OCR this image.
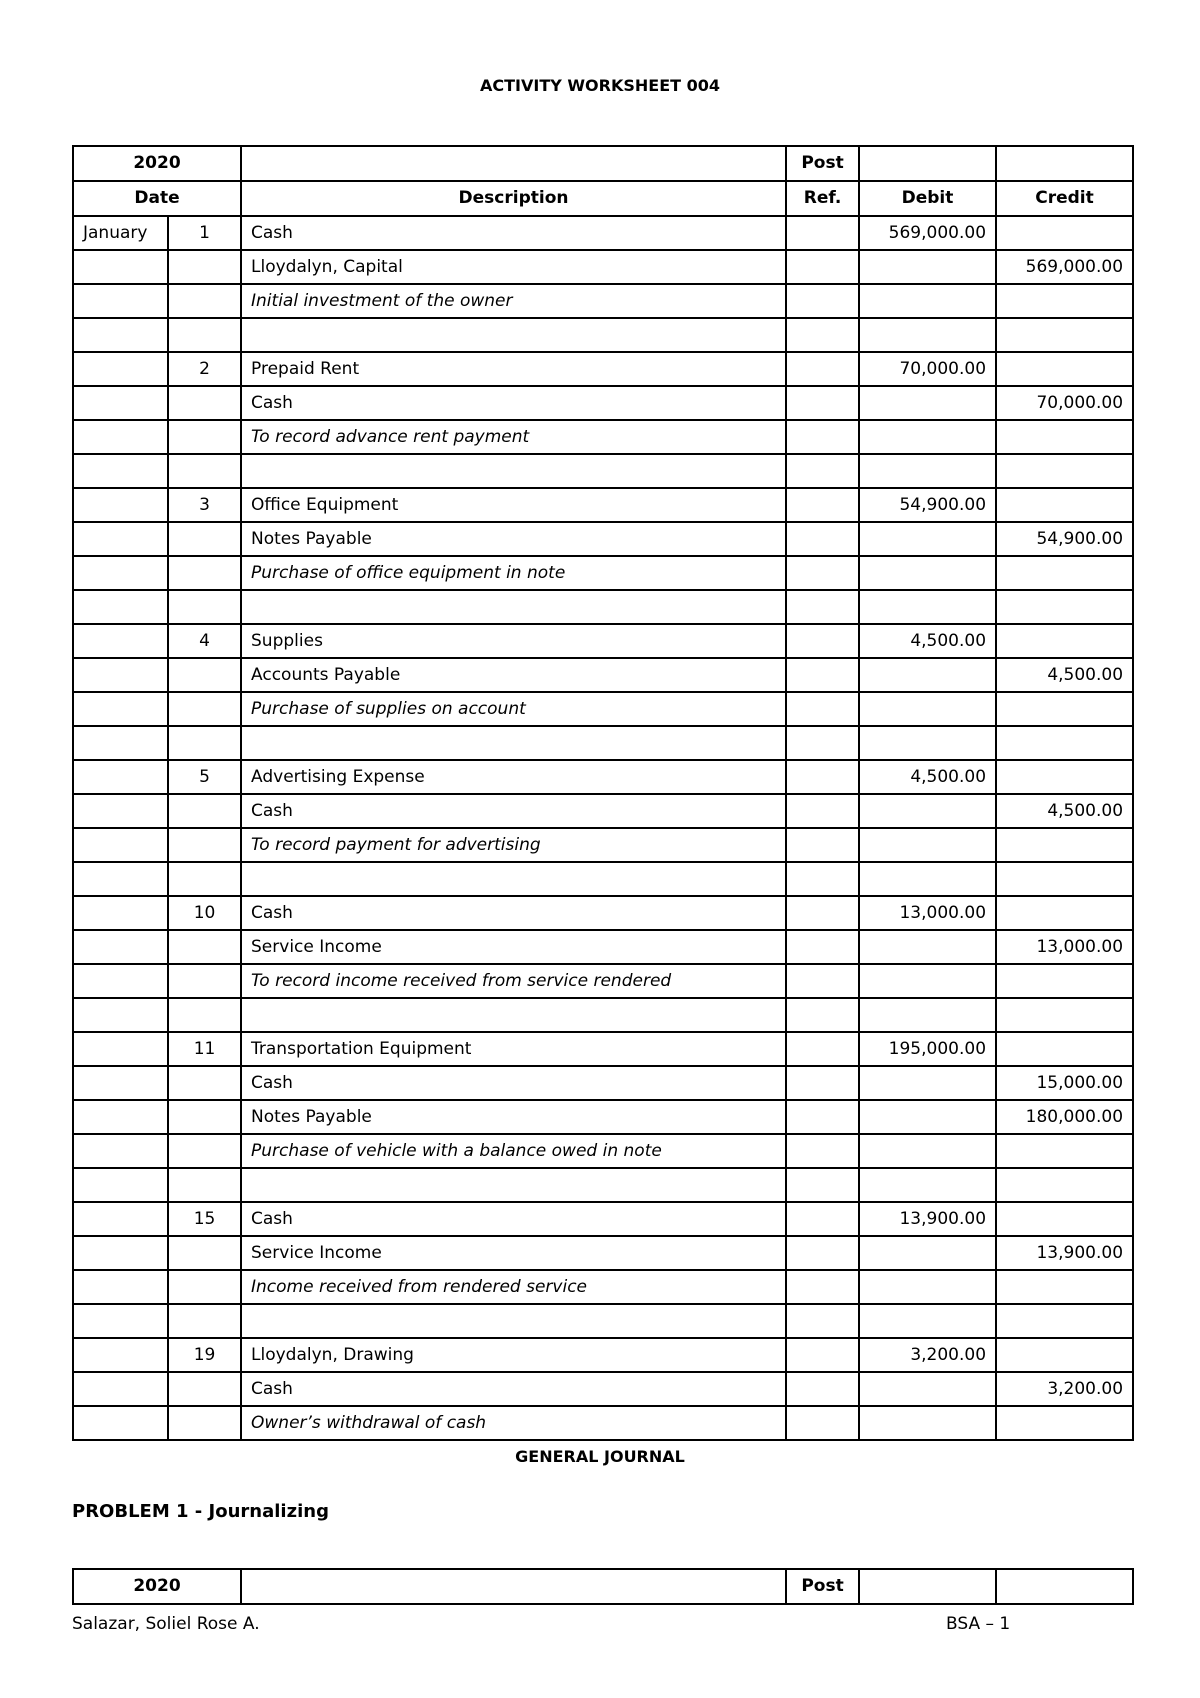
ACTIVITY WORKSHEET 004
2020			Post		
Date		Description	Ref.	Debit	Credit
January	1	Cash		569,000.00	
		Lloydalyn, Capital			569,000.00
		Initial investment of the owner			

	2	Prepaid Rent		70,000.00	
		Cash			70,000.00
		To record advance rent payment			

	3	Office Equipment		54,900.00	
		Notes Payable			54,900.00
		Purchase of office equipment in note			

	4	Supplies		4,500.00	
		Accounts Payable			4,500.00
		Purchase of supplies on account			

	5	Advertising Expense		4,500.00	
		Cash			4,500.00
		To record payment for advertising			

	10	Cash		13,000.00	
		Service Income			13,000.00
		To record income received from service rendered			

	11	Transportation Equipment		195,000.00	
		Cash			15,000.00
		Notes Payable			180,000.00
		Purchase of vehicle with a balance owed in note			

	15	Cash		13,900.00	
		Service Income			13,900.00
		Income received from rendered service			

	19	Lloydalyn, Drawing		3,200.00	
		Cash			3,200.00
		Owner’s withdrawal of cash			
GENERAL JOURNAL
PROBLEM 1 - Journalizing
2020		Post		
Salazar, Soliel Rose A.	BSA – 1
